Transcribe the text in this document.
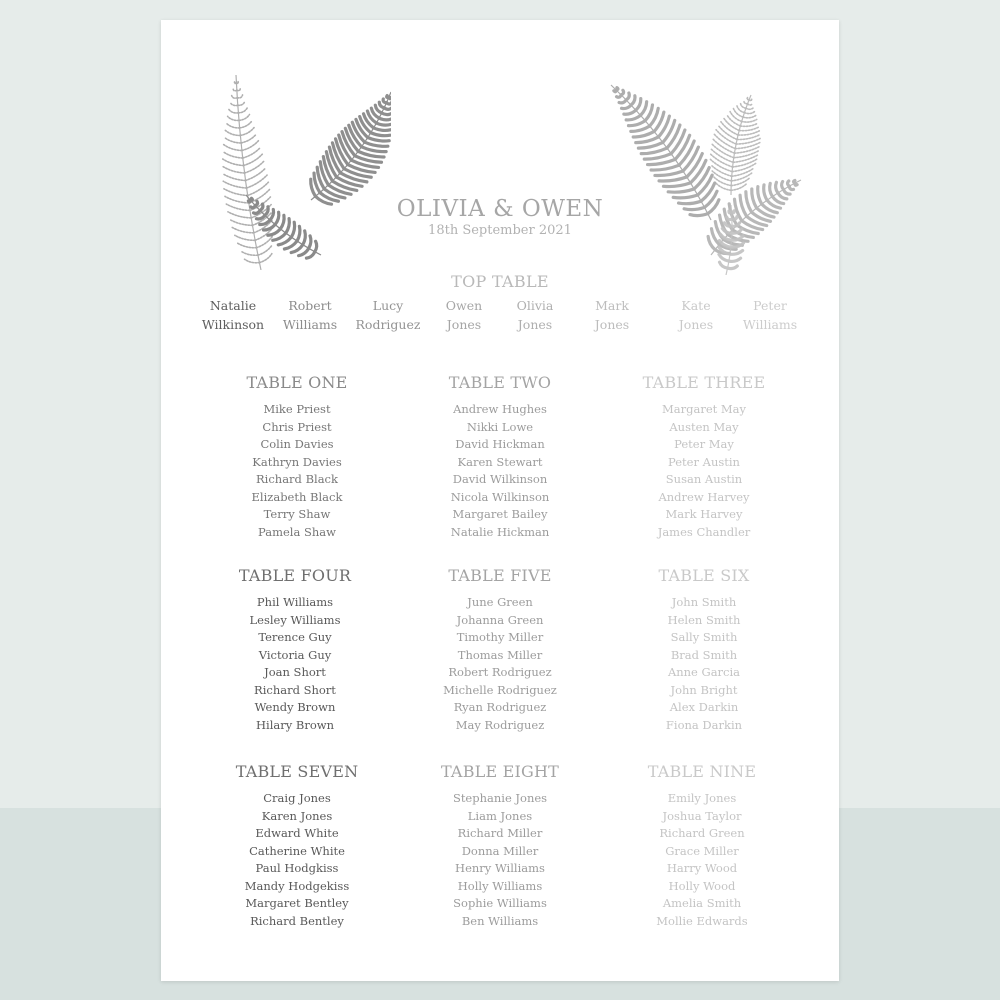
OLIVIA & OWEN
18th September 2021
TOP TABLE
Natalie
Wilkinson
Robert
Williams
Lucy
Rodriguez
Owen
Jones
Olivia
Jones
Mark
Jones
Kate
Jones
Peter
Williams
TABLE ONE
Mike Priest
Chris Priest
Colin Davies
Kathryn Davies
Richard Black
Elizabeth Black
Terry Shaw
Pamela Shaw
TABLE TWO
Andrew Hughes
Nikki Lowe
David Hickman
Karen Stewart
David Wilkinson
Nicola Wilkinson
Margaret Bailey
Natalie Hickman
TABLE THREE
Margaret May
Austen May
Peter May
Peter Austin
Susan Austin
Andrew Harvey
Mark Harvey
James Chandler
TABLE FOUR
Phil Williams
Lesley Williams
Terence Guy
Victoria Guy
Joan Short
Richard Short
Wendy Brown
Hilary Brown
TABLE FIVE
June Green
Johanna Green
Timothy Miller
Thomas Miller
Robert Rodriguez
Michelle Rodriguez
Ryan Rodriguez
May Rodriguez
TABLE SIX
John Smith
Helen Smith
Sally Smith
Brad Smith
Anne Garcia
John Bright
Alex Darkin
Fiona Darkin
TABLE SEVEN
Craig Jones
Karen Jones
Edward White
Catherine White
Paul Hodgkiss
Mandy Hodgekiss
Margaret Bentley
Richard Bentley
TABLE EIGHT
Stephanie Jones
Liam Jones
Richard Miller
Donna Miller
Henry Williams
Holly Williams
Sophie Williams
Ben Williams
TABLE NINE
Emily Jones
Joshua Taylor
Richard Green
Grace Miller
Harry Wood
Holly Wood
Amelia Smith
Mollie Edwards
